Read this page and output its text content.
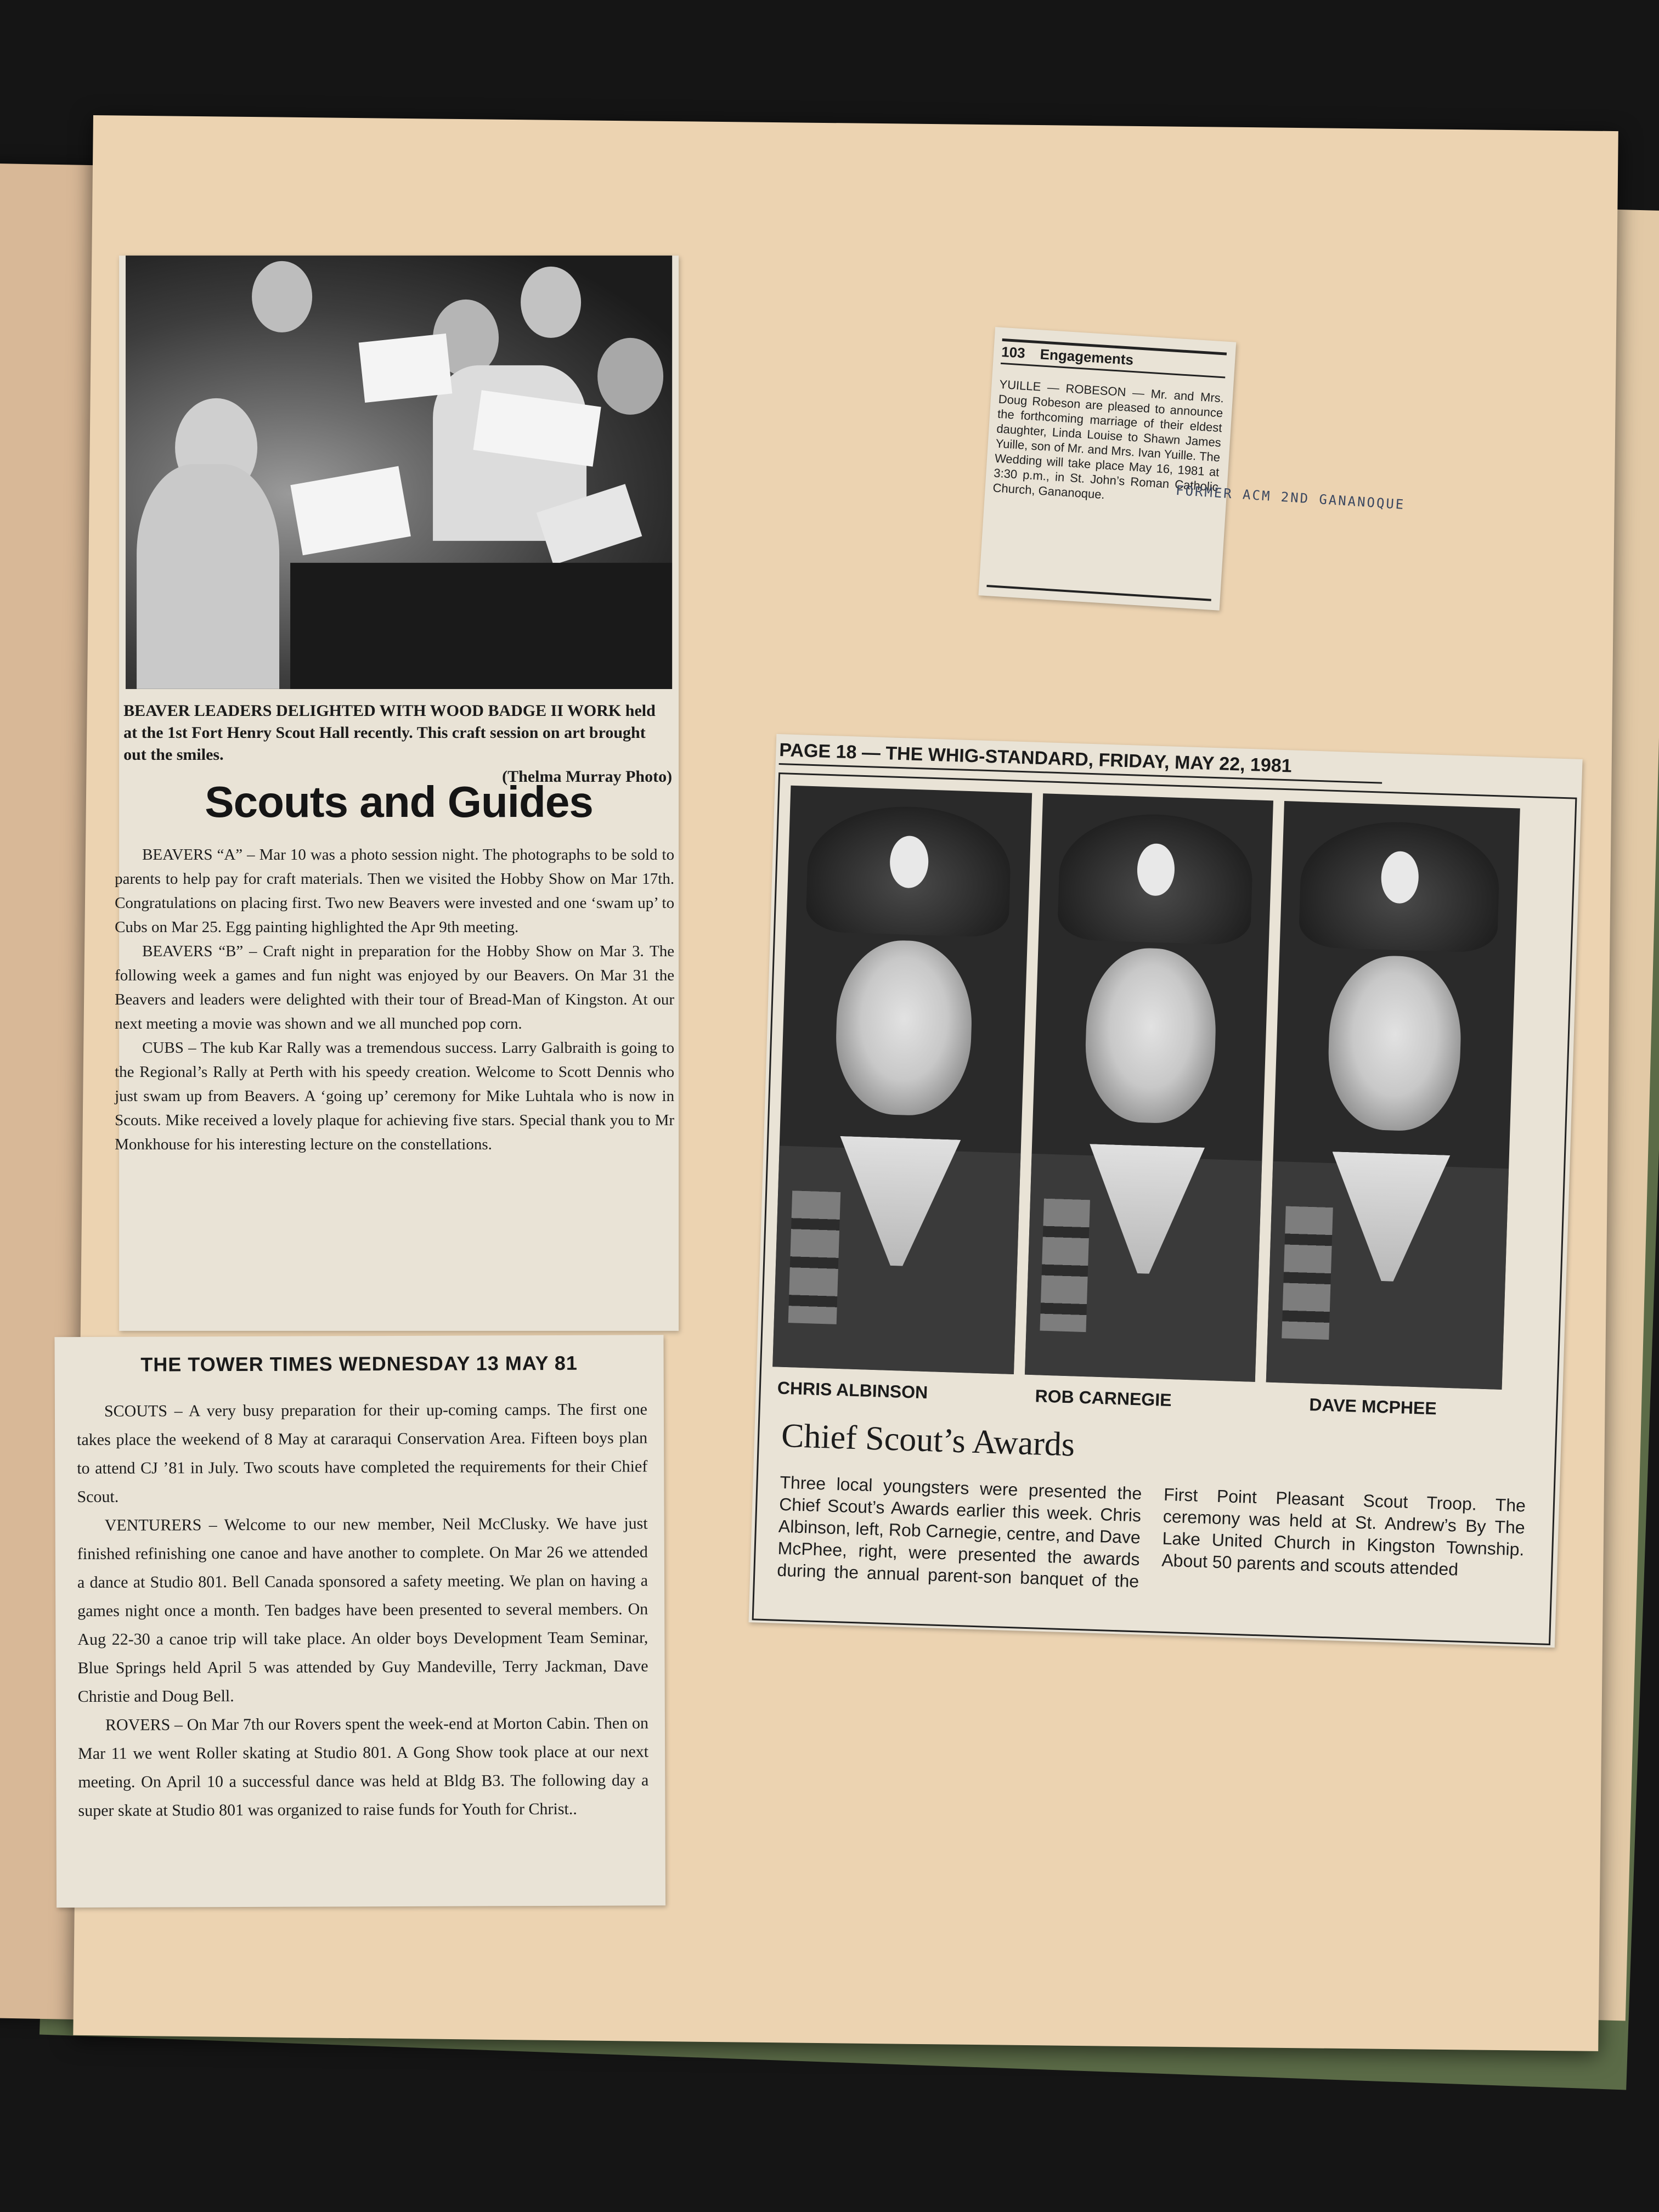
BEAVER LEADERS DELIGHTED WITH WOOD BADGE II WORK held at the 1st Fort Henry Scout Hall recently. This craft session on art brought out the smiles.
(Thelma Murray Photo)
Scouts and Guides

BEAVERS “A” – Mar 10 was a photo session night. The photographs to be sold to parents to help pay for craft materials. Then we visited the Hobby Show on Mar 17th. Congratulations on placing first. Two new Beavers were invested and one ‘swam up’ to Cubs on Mar 25. Egg painting highlighted the Apr 9th meeting.

BEAVERS “B” – Craft night in preparation for the Hobby Show on Mar 3. The following week a games and fun night was enjoyed by our Beavers. On Mar 31 the Beavers and leaders were delighted with their tour of Bread-Man of Kingston. At our next meeting a movie was shown and we all munched pop corn.

CUBS – The kub Kar Rally was a tremendous success. Larry Galbraith is going to the Regional’s Rally at Perth with his speedy creation. Welcome to Scott Dennis who just swam up from Beavers. A ‘going up’ ceremony for Mike Luhtala who is now in Scouts. Mike received a lovely plaque for achieving five stars. Special thank you to Mr Monkhouse for his interesting lecture on the constellations.

THE TOWER TIMES WEDNESDAY 13 MAY 81

SCOUTS – A very busy preparation for their up-coming camps. The first one takes place the weekend of 8 May at cararaqui Conservation Area. Fifteen boys plan to attend CJ ’81 in July. Two scouts have completed the requirements for their Chief Scout.

VENTURERS – Welcome to our new member, Neil McClusky. We have just finished refinishing one canoe and have another to complete. On Mar 26 we attended a dance at Studio 801. Bell Canada sponsored a safety meeting. We plan on having a games night once a month. Ten badges have been presented to several members. On Aug 22-30 a canoe trip will take place. An older boys Development Team Seminar, Blue Springs held April 5 was attended by Guy Mandeville, Terry Jackman, Dave Christie and Doug Bell.

ROVERS – On Mar 7th our Rovers spent the week-end at Morton Cabin. Then on Mar 11 we went Roller skating at Studio 801. A Gong Show took place at our next meeting. On April 10 a successful dance was held at Bldg B3. The following day a super skate at Studio 801 was organized to raise funds for Youth for Christ..

103 Engagements
YUILLE — ROBESON — Mr. and Mrs. Doug Robeson are pleased to announce the forthcoming marriage of their eldest daughter, Linda Louise to Shawn James Yuille, son of Mr. and Mrs. Ivan Yuille. The Wedding will take place May 16, 1981 at 3:30 p.m., in St. John’s Roman Catholic Church, Gananoque.	FORMER ACM 2ND GANANOQUE
PAGE 18 — THE WHIG-STANDARD, FRIDAY, MAY 22, 1981
CHRIS ALBINSON	ROB CARNEGIE	DAVE MCPHEE
Chief Scout’s Awards
Three local youngsters were presented the Chief Scout’s Awards earlier this week. Chris Albinson, left, Rob Carnegie, centre, and Dave McPhee, right, were presented the awards during the annual parent-son banquet of the First Point Pleasant Scout Troop. The ceremony was held at St. Andrew’s By The Lake United Church in Kingston Township. About 50 parents and scouts attended
